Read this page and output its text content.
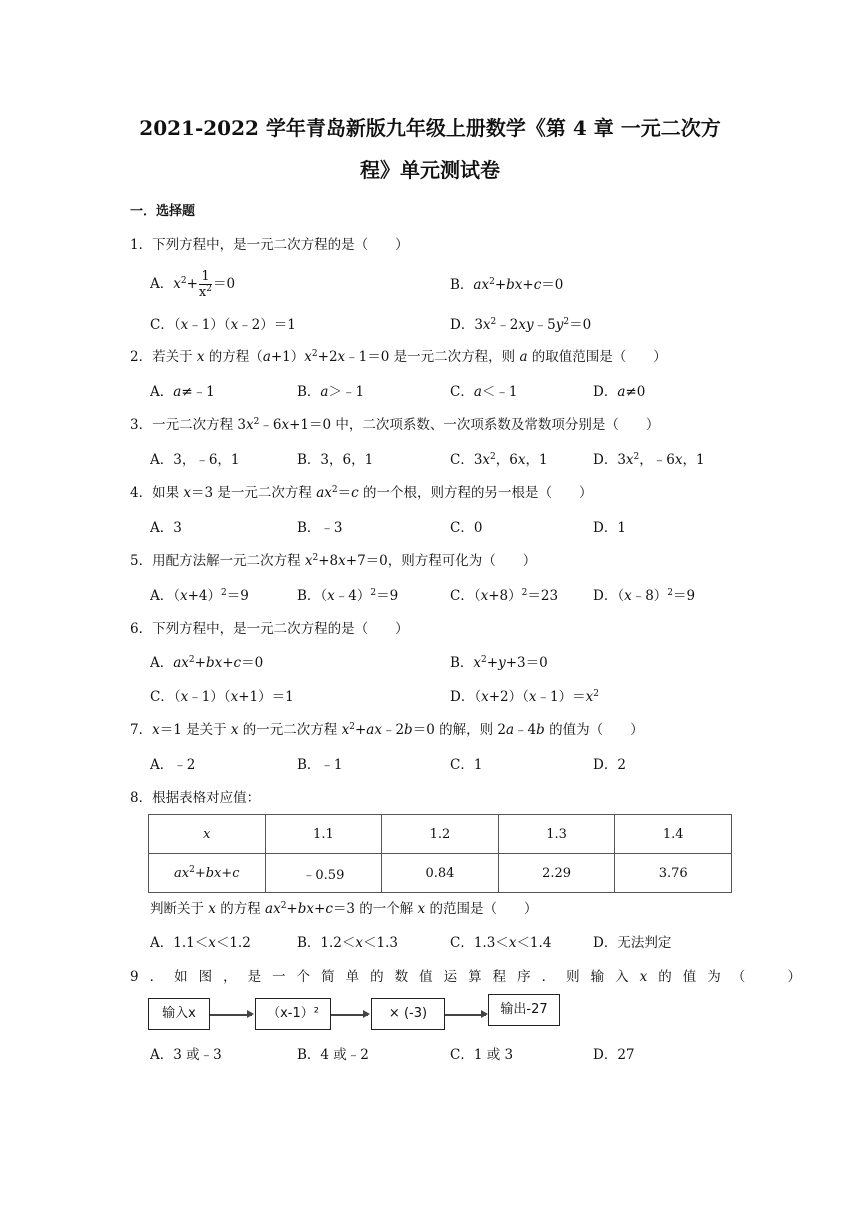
2021-2022 学年青岛新版九年级上册数学《第 4 章 一元二次方
程》单元测试卷
一．选择题
1．下列方程中，是一元二次方程的是（　　）
A．$x^2+ \frac{1}{x^2} =0$	B．$ax^2+bx+c=0$
C．（x﹣1）（x﹣2）＝1	D．$3x^2﹣2xy﹣5y^2=0$
2．若关于 x 的方程$(a+1)x^2+2x﹣1=0$ 是一元二次方程，则 a 的取值范围是（　　）
A．a≠﹣1	B．a＞﹣1	C．a＜﹣1	D．a≠0
3．一元二次方程 $3x^2﹣6x+1=0$ 中，二次项系数、一次项系数及常数项分别是（　　）
A．3，﹣6，1	B．3，6，1	C．$3x^2$，6x，1	D．$3x^2$，﹣6x，1
4．如果 x＝3 是一元二次方程 $ax^2=c$ 的一个根，则方程的另一根是（　　）
A．3	B．﹣3	C．0	D．1
5．用配方法解一元二次方程 $x^2+8x+7=0$，则方程可化为（　　）
A．$(x+4)^2=9$	B．（x﹣4）$^2$＝9	C．$(x+8)^2=23$	D．（x﹣8）$^2$＝9
6．下列方程中，是一元二次方程的是（　　）
A．$ax^2+bx+c=0$	B．$x^2+y+3=0$
C．（x﹣1）（x+1）＝1	D．$(x+2)(x﹣1)=x^2$
7．x＝1 是关于 x 的一元二次方程 $x^2+ax﹣2b=0$ 的解，则 2a﹣4b 的值为（　　）
A．﹣2	B．﹣1	C．1	D．2
8．根据表格对应值：
x	1.1	1.2	1.3	1.4
$ax^2+bx+c$	﹣0.59	0.84	2.29	3.76
判断关于 x 的方程 $ax^2+bx+c=3$ 的一个解 x 的范围是（　　）
A．1.1＜x＜1.2	B．1.2＜x＜1.3	C．1.3＜x＜1.4	D．无法判定
9．如图，是一个简单的数值运算程序．则输入x的值为（　　 ）
输入x	（x-1）²	× (-3)	输出-27
A．3 或﹣3	B．4 或﹣2	C．1 或 3	D．27
